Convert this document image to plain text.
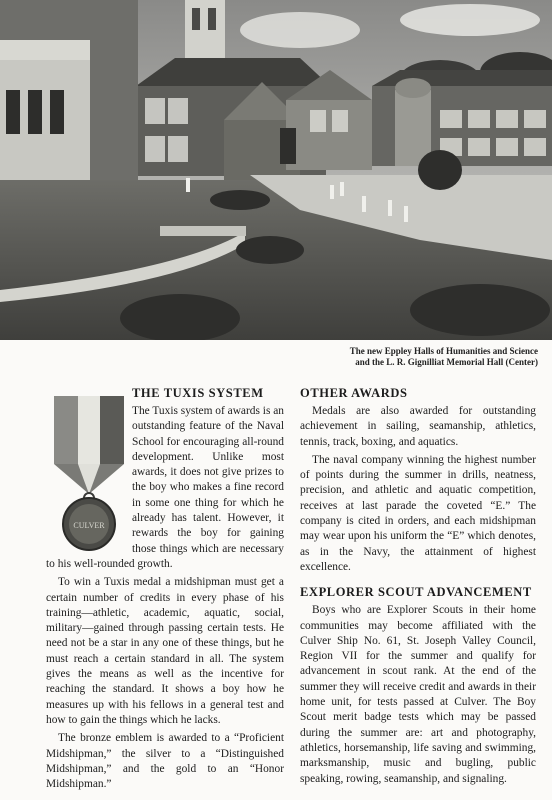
The new Eppley Halls of Humanities and Science
and the L. R. Gignilliat Memorial Hall (Center)
CULVER
THE TUXIS SYSTEM

The Tuxis system of awards is an outstanding feature of the Naval School for encouraging all-round development. Unlike most awards, it does not give prizes to the boy who makes a fine record in some one thing for which he already has talent. However, it rewards the boy for gaining those things which are necessary to his well-rounded growth.

To win a Tuxis medal a midshipman must get a certain number of credits in every phase of his training—athletic, academic, aquatic, social, military—gained through passing certain tests. He need not be a star in any one of these things, but he must reach a certain standard in all. The system gives the means as well as the incentive for reaching the standard. It shows a boy how he measures up with his fellows in a general test and how to gain the things which he lacks.

The bronze emblem is awarded to a “Proficient Midshipman,” the silver to a “Distinguished Midshipman,” and the gold to an “Honor Midshipman.”

OTHER AWARDS

Medals are also awarded for outstanding achievement in sailing, seamanship, athletics, tennis, track, boxing, and aquatics.

The naval company winning the highest number of points during the summer in drills, neatness, precision, and athletic and aquatic competition, receives at last parade the coveted “E.” The company is cited in orders, and each midshipman may wear upon his uniform the “E” which denotes, as in the Navy, the attainment of highest excellence.

EXPLORER SCOUT ADVANCEMENT

Boys who are Explorer Scouts in their home communities may become affiliated with the Culver Ship No. 61, St. Joseph Valley Council, Region VII for the summer and qualify for advancement in scout rank. At the end of the summer they will receive credit and awards in their home unit, for tests passed at Culver. The Boy Scout merit badge tests which may be passed during the summer are: art and photography, athletics, horsemanship, life saving and swimming, marksmanship, music and bugling, public speaking, rowing, seamanship, and signaling.
